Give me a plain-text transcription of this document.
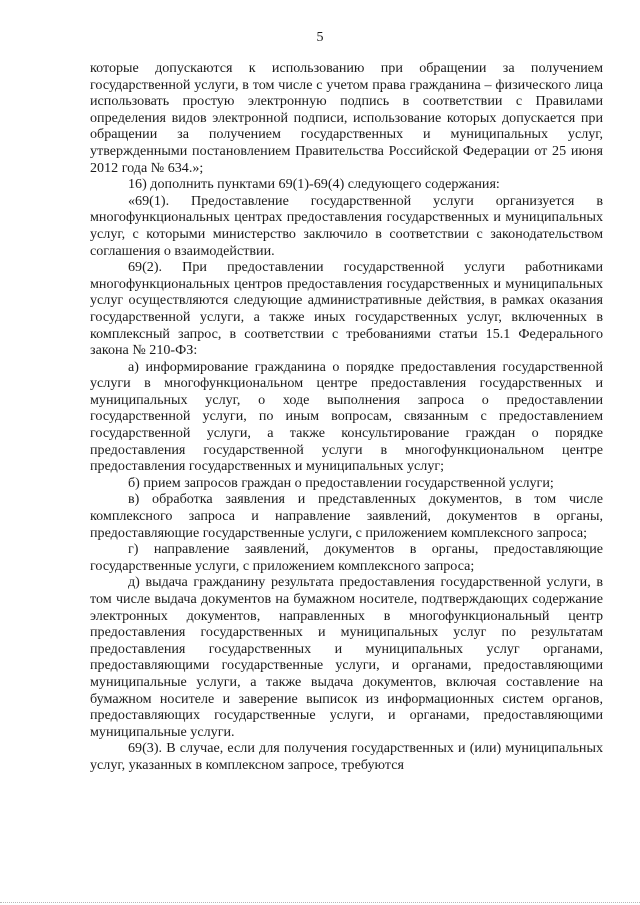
5

которые допускаются к использованию при обращении за получением государственной услуги, в том числе с учетом права гражданина – физического лица использовать простую электронную подпись в соответствии с Правилами определения видов электронной подписи, использование которых допускается при обращении за получением государственных и муниципальных услуг, утвержденными постановлением Правительства Российской Федерации от 25 июня 2012 года № 634.»;

16) дополнить пунктами 69(1)-69(4) следующего содержания:

«69(1). Предоставление государственной услуги организуется в многофункциональных центрах предоставления государственных и муниципальных услуг, с которыми министерство заключило в соответствии с законодательством соглашения о взаимодействии.

69(2). При предоставлении государственной услуги работниками многофункциональных центров предоставления государственных и муниципальных услуг осуществляются следующие административные действия, в рамках оказания государственной услуги, а также иных государственных услуг, включенных в комплексный запрос, в соответствии с требованиями статьи 15.1 Федерального закона № 210-ФЗ:

а) информирование гражданина о порядке предоставления государственной услуги в многофункциональном центре предоставления государственных и муниципальных услуг, о ходе выполнения запроса о предоставлении государственной услуги, по иным вопросам, связанным с предоставлением государственной услуги, а также консультирование граждан о порядке предоставления государственной услуги в многофункциональном центре предоставления государственных и муниципальных услуг;

б) прием запросов граждан о предоставлении государственной услуги;

в) обработка заявления и представленных документов, в том числе комплексного запроса и направление заявлений, документов в органы, предоставляющие государственные услуги, с приложением комплексного запроса;

г) направление заявлений, документов в органы, предоставляющие государственные услуги, с приложением комплексного запроса;

д) выдача гражданину результата предоставления государственной услуги, в том числе выдача документов на бумажном носителе, подтверждающих содержание электронных документов, направленных в многофункциональный центр предоставления государственных и муниципальных услуг по результатам предоставления государственных и муниципальных услуг органами, предоставляющими государственные услуги, и органами, предоставляющими муниципальные услуги, а также выдача документов, включая составление на бумажном носителе и заверение выписок из информационных систем органов, предоставляющих государственные услуги, и органами, предоставляющими муниципальные услуги.

69(3). В случае, если для получения государственных и (или) муниципальных услуг, указанных в комплексном запросе, требуются
